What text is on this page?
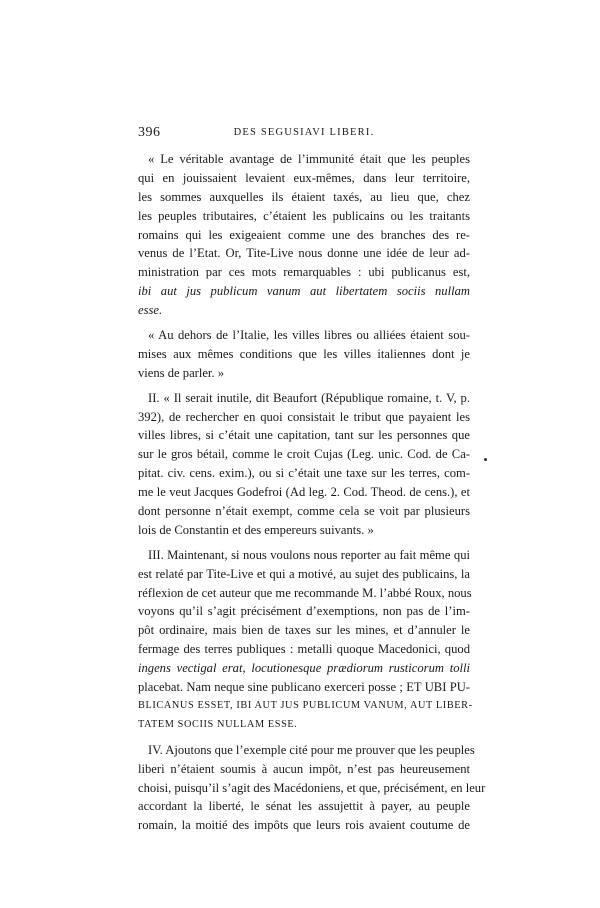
396	DES SEGUSIAVI LIBERI.

« Le véritable avantage de l’immunité était que les peuples
qui en jouissaient levaient eux-mêmes, dans leur territoire,
les sommes auxquelles ils étaient taxés, au lieu que, chez
les peuples tributaires, c’étaient les publicains ou les traitants
romains qui les exigeaient comme une des branches des re-
venus de l’Etat. Or, Tite-Live nous donne une idée de leur ad-
ministration par ces mots remarquables : ubi publicanus est,
ibi aut jus publicum vanum aut libertatem sociis nullam
esse.

« Au dehors de l’Italie, les villes libres ou alliées étaient sou-
mises aux mêmes conditions que les villes italiennes dont je
viens de parler. »

II. « Il serait inutile, dit Beaufort (République romaine, t. V, p.
392), de rechercher en quoi consistait le tribut que payaient les
villes libres, si c’était une capitation, tant sur les personnes que
sur le gros bétail, comme le croit Cujas (Leg. unic. Cod. de Ca-
pitat. civ. cens. exim.), ou si c’était une taxe sur les terres, com-
me le veut Jacques Godefroi (Ad leg. 2. Cod. Theod. de cens.), et
dont personne n’était exempt, comme cela se voit par plusieurs
lois de Constantin et des empereurs suivants. »

III. Maintenant, si nous voulons nous reporter au fait même qui
est relaté par Tite-Live et qui a motivé, au sujet des publicains, la
réflexion de cet auteur que me recommande M. l’abbé Roux, nous
voyons qu’il s’agit précisément d’exemptions, non pas de l’im-
pôt ordinaire, mais bien de taxes sur les mines, et d’annuler le
fermage des terres publiques : metalli quoque Macedonici, quod
ingens vectigal erat, locutionesque prædiorum rusticorum tolli
placebat. Nam neque sine publicano exerceri posse ; ET UBI PU-
BLICANUS ESSET, IBI AUT JUS PUBLICUM VANUM, AUT LIBER-
TATEM SOCIIS NULLAM ESSE.

IV. Ajoutons que l’exemple cité pour me prouver que les peuples
liberi n’étaient soumis à aucun impôt, n’est pas heureusement
choisi, puisqu’il s’agit des Macédoniens, et que, précisément, en leur
accordant la liberté, le sénat les assujettit à payer, au peuple
romain, la moitié des impôts que leurs rois avaient coutume de
